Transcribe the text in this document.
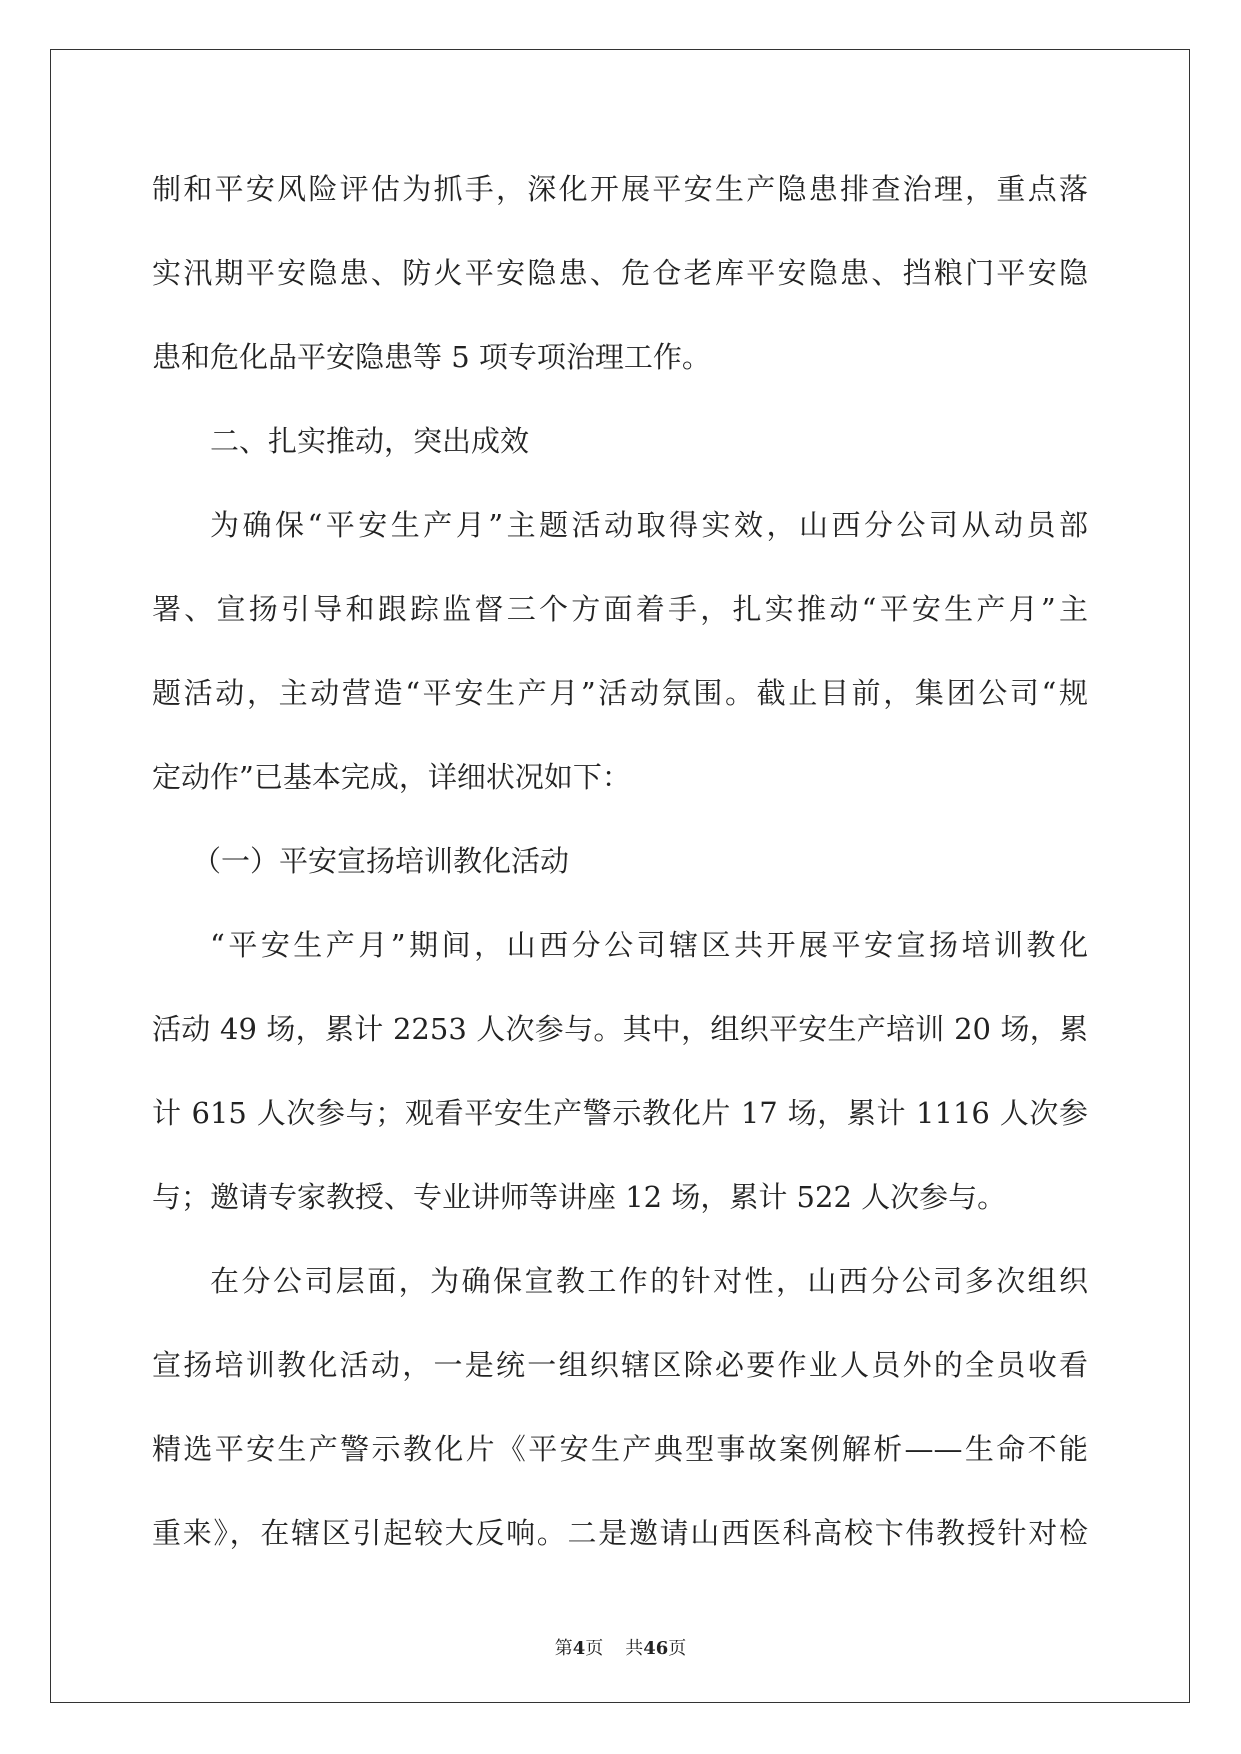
制和平安风险评估为抓手，深化开展平安生产隐患排查治理，重点落
实汛期平安隐患、防火平安隐患、危仓老库平安隐患、挡粮门平安隐
患和危化品平安隐患等 5 项专项治理工作。
二、扎实推动，突出成效
为确保“平安生产月”主题活动取得实效，山西分公司从动员部
署、宣扬引导和跟踪监督三个方面着手，扎实推动“平安生产月”主
题活动，主动营造“平安生产月”活动氛围。截止目前，集团公司“规
定动作”已基本完成，详细状况如下：
（一）平安宣扬培训教化活动
“平安生产月”期间，山西分公司辖区共开展平安宣扬培训教化
活动 49 场，累计 2253 人次参与。其中，组织平安生产培训 20 场，累
计 615 人次参与；观看平安生产警示教化片 17 场，累计 1116 人次参
与；邀请专家教授、专业讲师等讲座 12 场，累计 522 人次参与。
在分公司层面，为确保宣教工作的针对性，山西分公司多次组织
宣扬培训教化活动，一是统一组织辖区除必要作业人员外的全员收看
精选平安生产警示教化片《平安生产典型事故案例解析——生命不能
重来》，在辖区引起较大反响。二是邀请山西医科高校卞伟教授针对检
第4页 共46页
